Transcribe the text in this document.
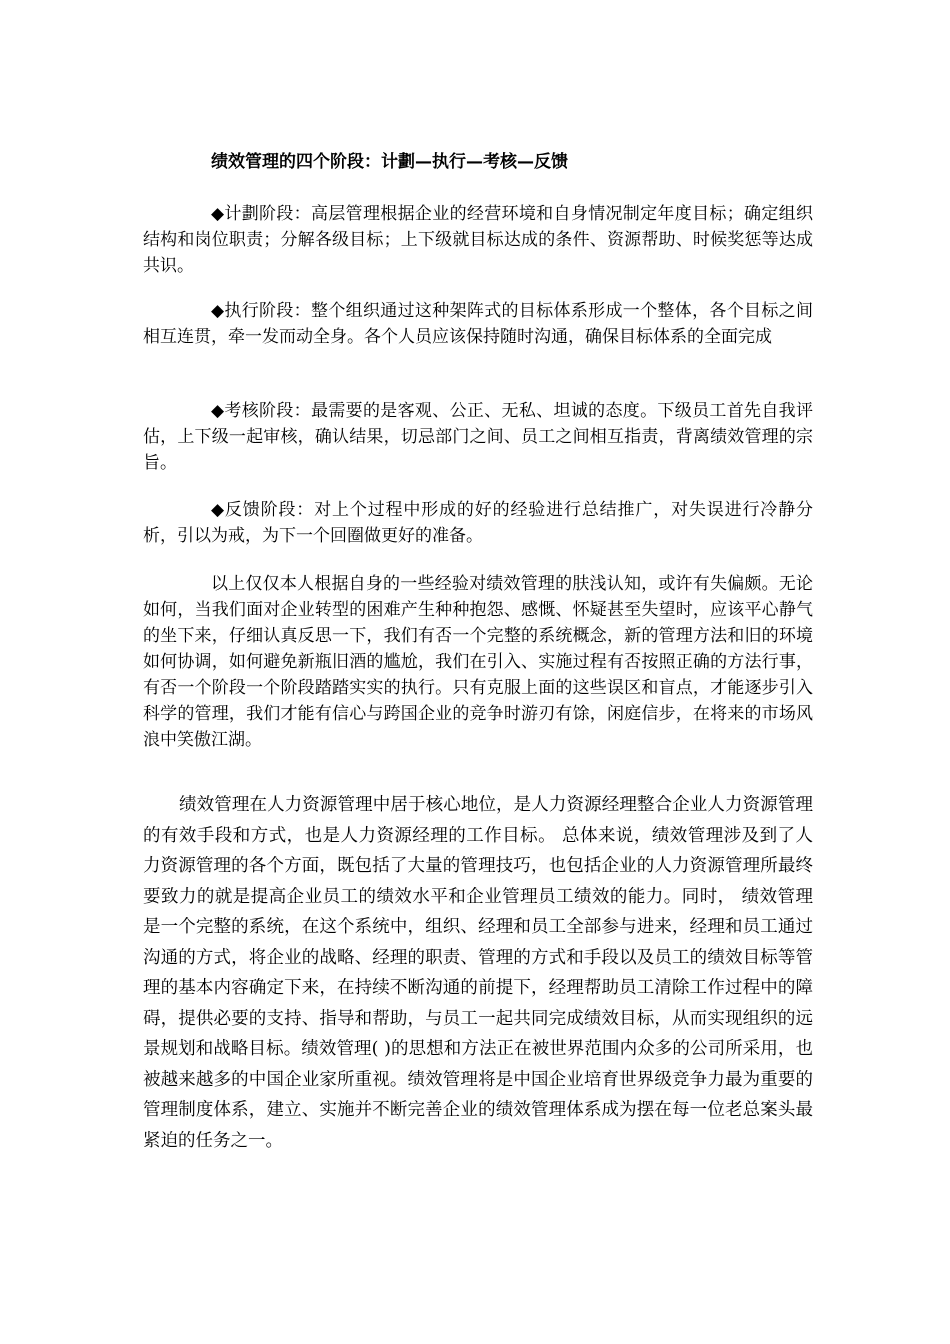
绩效管理的四个阶段：计劃—执行—考核—反馈

◆计劃阶段：高层管理根据企业的经营环境和自身情况制定年度目标；确定组织结构和岗位职责；分解各级目标；上下级就目标达成的条件、资源帮助、时候奖惩等达成共识。

◆执行阶段：整个组织通过这种架阵式的目标体系形成一个整体，各个目标之间相互连贯，牵一发而动全身。各个人员应该保持随时沟通，确保目标体系的全面完成

◆考核阶段：最需要的是客观、公正、无私、坦诚的态度。下级员工首先自我评估，上下级一起审核，确认结果，切忌部门之间、员工之间相互指责，背离绩效管理的宗旨。

◆反馈阶段：对上个过程中形成的好的经验进行总结推广，对失误进行冷静分析，引以为戒，为下一个回圈做更好的准备。

以上仅仅本人根据自身的一些经验对绩效管理的肤浅认知，或许有失偏颇。无论如何，当我们面对企业转型的困难产生种种抱怨、感慨、怀疑甚至失望时，应该平心静气的坐下来，仔细认真反思一下，我们有否一个完整的系统概念，新的管理方法和旧的环境如何协调，如何避免新瓶旧酒的尴尬，我们在引入、实施过程有否按照正确的方法行事，有否一个阶段一个阶段踏踏实实的执行。只有克服上面的这些误区和盲点，才能逐步引入科学的管理，我们才能有信心与跨国企业的竞争时游刃有馀，闲庭信步，在将来的市场风浪中笑傲江湖。

绩效管理在人力资源管理中居于核心地位，是人力资源经理整合企业人力资源管理的有效手段和方式，也是人力资源经理的工作目标。 总体来说，绩效管理涉及到了人力资源管理的各个方面，既包括了大量的管理技巧，也包括企业的人力资源管理所最终要致力的就是提高企业员工的绩效水平和企业管理员工绩效的能力。同时， 绩效管理是一个完整的系统，在这个系统中，组织、经理和员工全部参与进来，经理和员工通过沟通的方式，将企业的战略、经理的职责、管理的方式和手段以及员工的绩效目标等管理的基本内容确定下来，在持续不断沟通的前提下，经理帮助员工清除工作过程中的障碍，提供必要的支持、指导和帮助，与员工一起共同完成绩效目标，从而实现组织的远景规划和战略目标。绩效管理( )的思想和方法正在被世界范围内众多的公司所采用，也被越来越多的中国企业家所重视。绩效管理将是中国企业培育世界级竞争力最为重要的管理制度体系，建立、实施并不断完善企业的绩效管理体系成为摆在每一位老总案头最紧迫的任务之一。
